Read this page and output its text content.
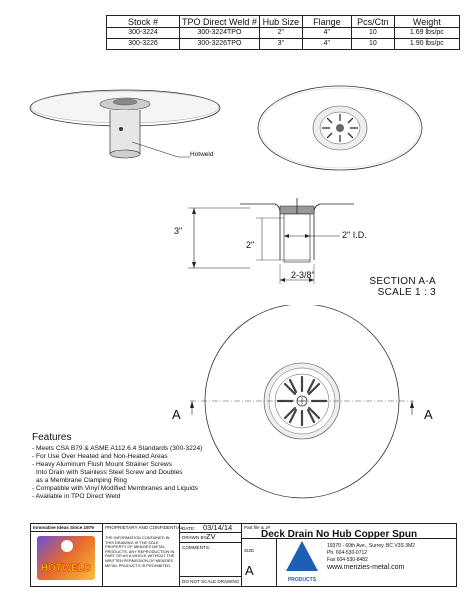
Stock #	TPO Direct Weld #	Hub Size	Flange	Pcs/Ctn	Weight
300-3224	300-3224TPO	2"	4"	10	1.69 lbs/pc
300-3226	300-3226TPO	3"	4"	10	1.90 lbs/pc
Hotweld
3"
2"
2" I.D.
2-3/8"
SECTION A-A
SCALE 1 : 3
A	A
Features
- Meets CSA B79 & ASME A112.6.4 Standards (300-3224)
- For Use Over Heated and Non-Heated Areas
- Heavy Aluminum Flush Mount Strainer Screws
Into Drain with Stainless Steel Screw and Doubles
as a Membrane Clamping Ring
- Compatible with Vinyl Modified Membranes and Liquids
- Available in TPO Direct Weld
Innovative Ideas Since 1979
HOTWELD
PROPRIETARY AND CONFIDENTIAL
THE INFORMATION CONTAINED IN THIS DRAWING IS THE SOLE PROPERTY OF MENZIES METAL PRODUCTS. ANY REPRODUCTION IN PART OR AS A WHOLE WITHOUT THE WRITTEN PERMISSION OF MENZIES METAL PRODUCTS IS PROHIBITED.
DATE: 03/14/14
DRAWN BY:
ZV
COMMENTS:
DO NOT SCALE DRAWING
Part file & J#
Deck Drain No Hub Copper Spun
SIZE
A
PRODUCTS
19370 - 60th Ave., Surrey, BC V3S 3M2
Ph. 604-530-0712
Fax 604-530-8482
www.menzies-metal.com
